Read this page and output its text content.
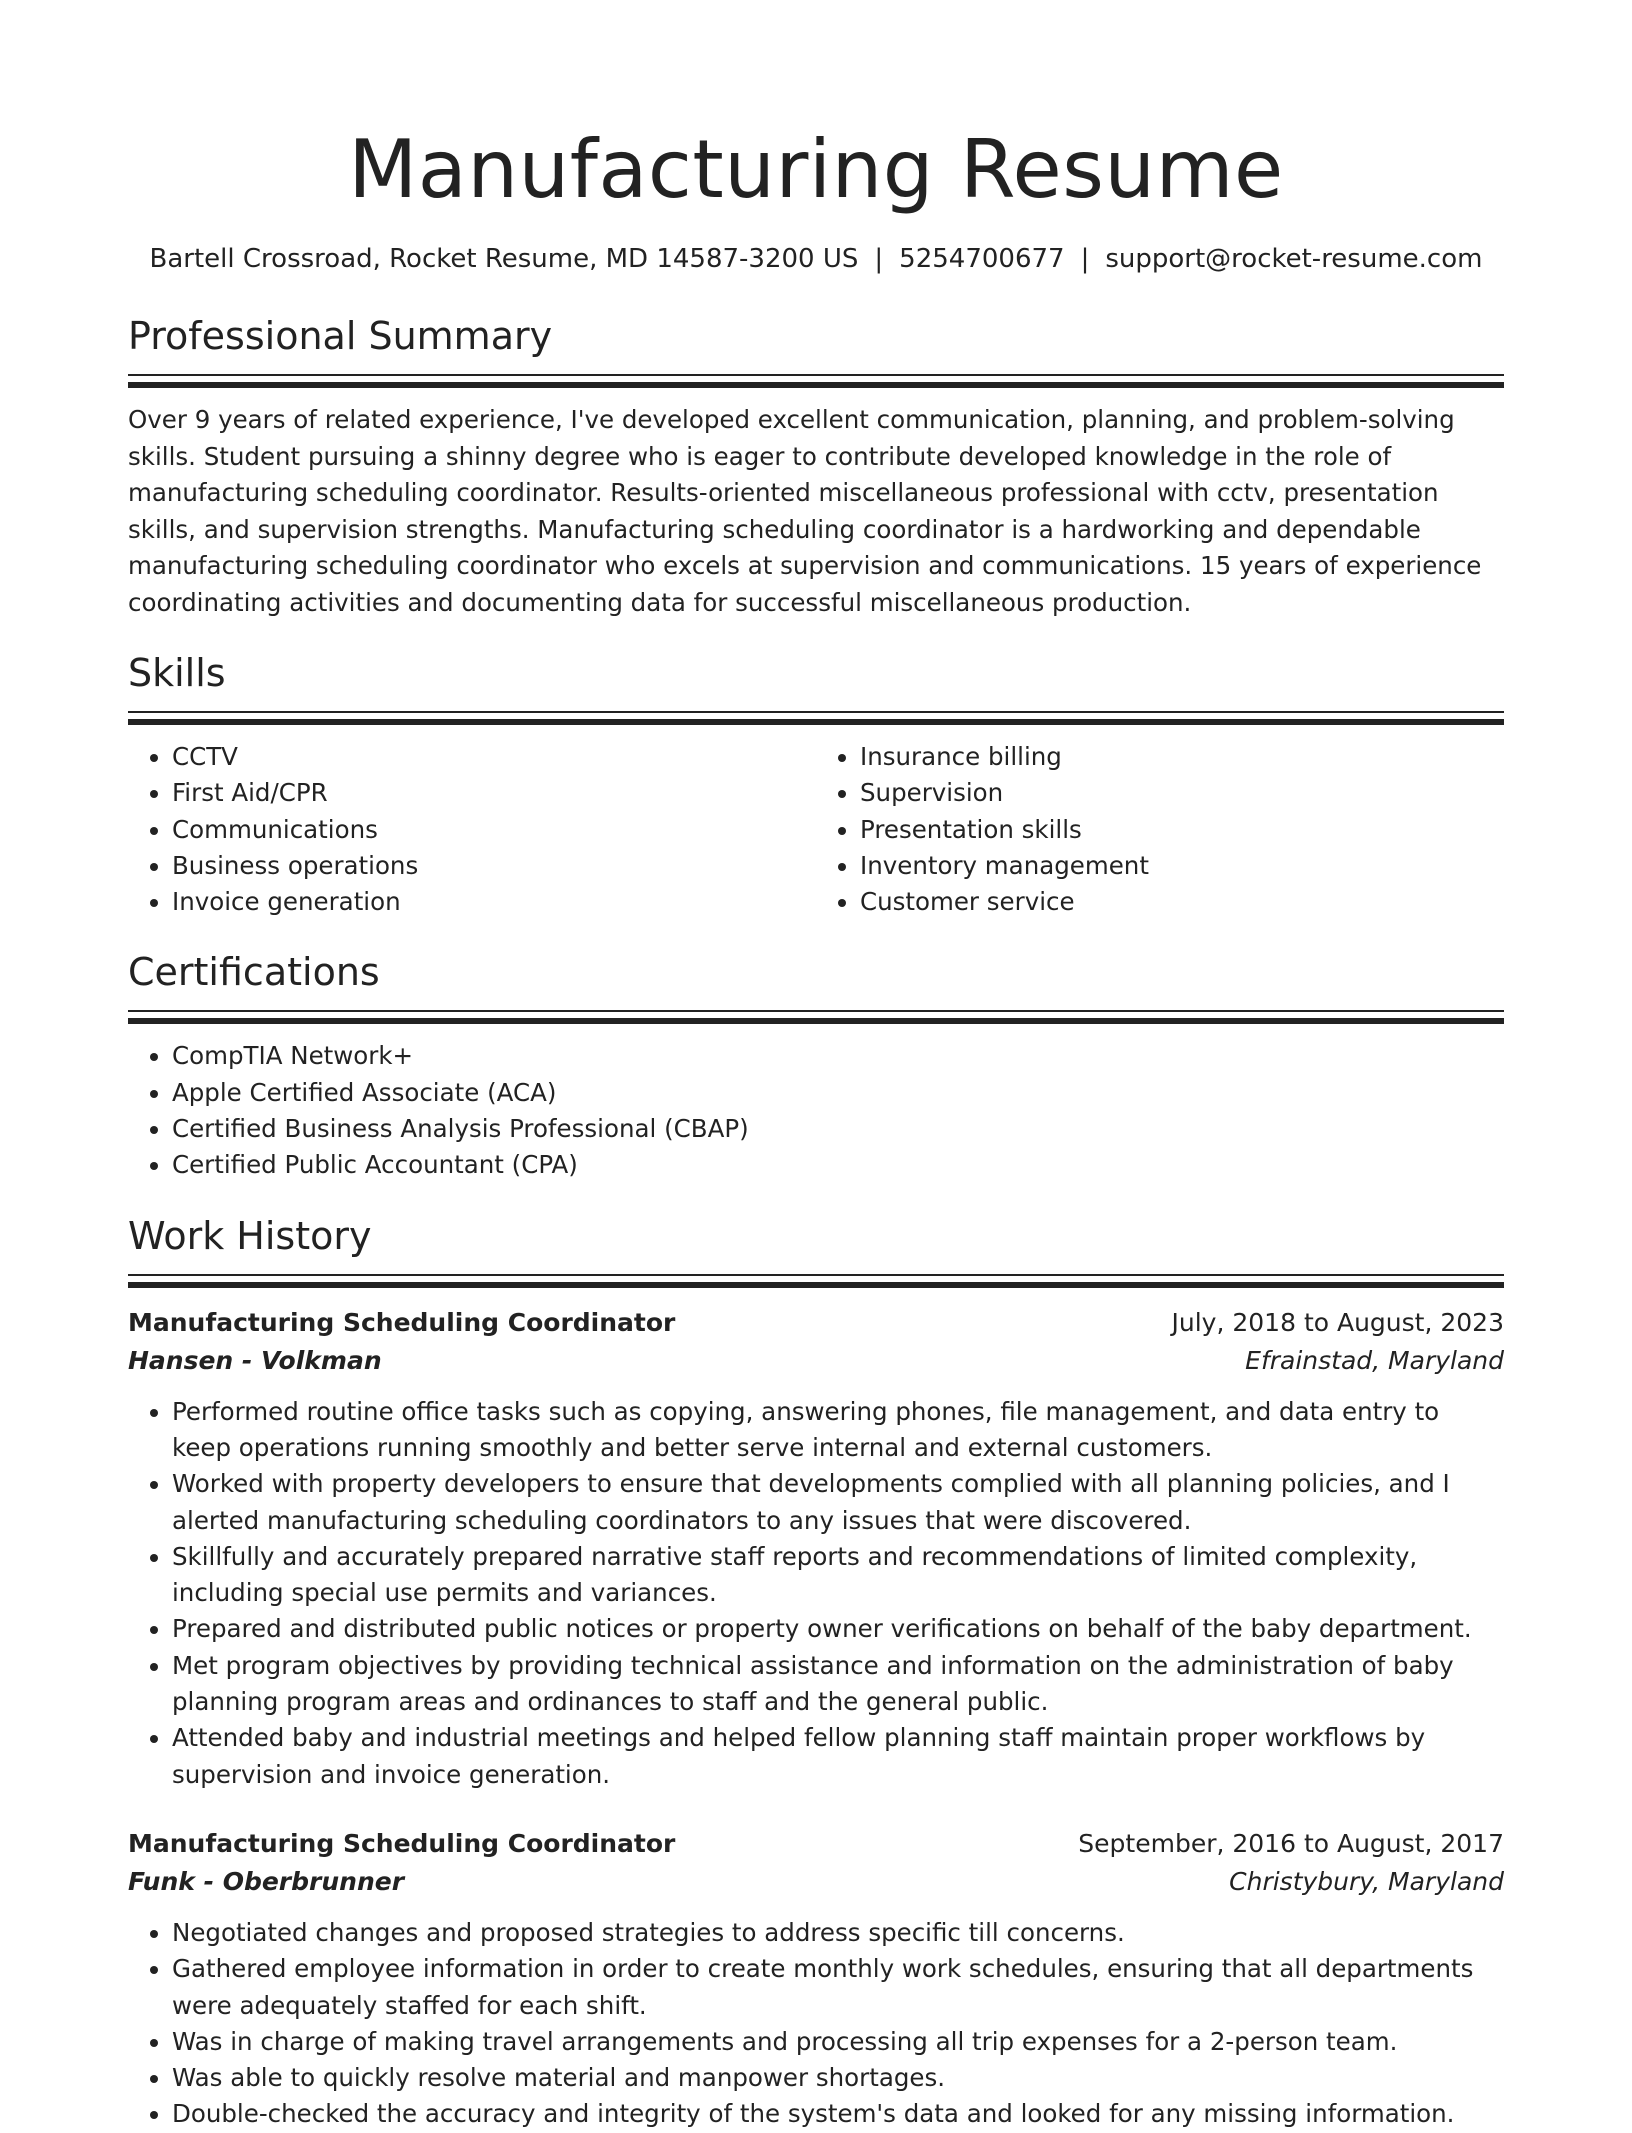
Manufacturing Resume
Bartell Crossroad, Rocket Resume, MD 14587-3200 US | 5254700677 | support@rocket-resume.com
Professional Summary

Over 9 years of related experience, I've developed excellent communication, planning, and problem-solving skills. Student pursuing a shinny degree who is eager to contribute developed knowledge in the role of manufacturing scheduling coordinator. Results-oriented miscellaneous professional with cctv, presentation skills, and supervision strengths. Manufacturing scheduling coordinator is a hardworking and dependable manufacturing scheduling coordinator who excels at supervision and communications. 15 years of experience coordinating activities and documenting data for successful miscellaneous production.

Skills
• CCTV
• First Aid/CPR
• Communications
• Business operations
• Invoice generation
• Insurance billing
• Supervision
• Presentation skills
• Inventory management
• Customer service
Certifications
• CompTIA Network+
• Apple Certified Associate (ACA)
• Certified Business Analysis Professional (CBAP)
• Certified Public Accountant (CPA)
Work History
Manufacturing Scheduling Coordinator	July, 2018 to August, 2023
Hansen - Volkman	Efrainstad, Maryland
• Performed routine office tasks such as copying, answering phones, file management, and data entry to keep operations running smoothly and better serve internal and external customers.
• Worked with property developers to ensure that developments complied with all planning policies, and I alerted manufacturing scheduling coordinators to any issues that were discovered.
• Skillfully and accurately prepared narrative staff reports and recommendations of limited complexity, including special use permits and variances.
• Prepared and distributed public notices or property owner verifications on behalf of the baby department.
• Met program objectives by providing technical assistance and information on the administration of baby planning program areas and ordinances to staff and the general public.
• Attended baby and industrial meetings and helped fellow planning staff maintain proper workflows by supervision and invoice generation.
Manufacturing Scheduling Coordinator	September, 2016 to August, 2017
Funk - Oberbrunner	Christybury, Maryland
• Negotiated changes and proposed strategies to address specific till concerns.
• Gathered employee information in order to create monthly work schedules, ensuring that all departments were adequately staffed for each shift.
• Was in charge of making travel arrangements and processing all trip expenses for a 2-person team.
• Was able to quickly resolve material and manpower shortages.
• Double-checked the accuracy and integrity of the system's data and looked for any missing information.
